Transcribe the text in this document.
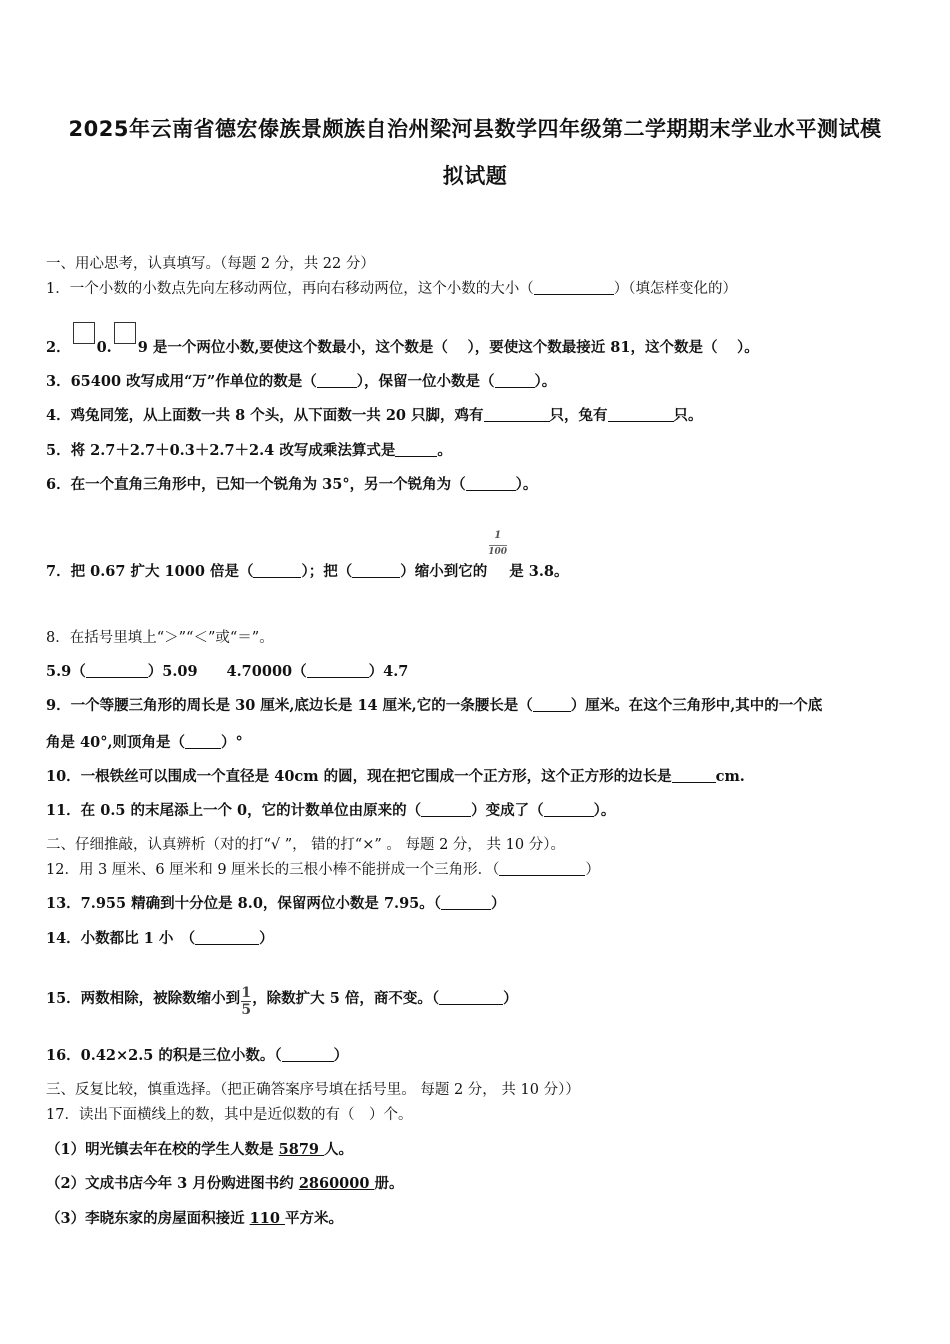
2025年云南省德宏傣族景颇族自治州梁河县数学四年级第二学期期末学业水平测试模
拟试题
一、用心思考，认真填写。（每题 2 分，共 22 分）
1．一个小数的小数点先向左移动两位，再向右移动两位，这个小数的大小（	）（填怎样变化的）
2． 0. 9 是一个两位小数,要使这个数最小，这个数是（　 ），要使这个数最接近 81，这个数是（　 ）。
3．65400 改写成用“万”作单位的数是（	），保留一位小数是（	）。
4．鸡兔同笼，从上面数一共 8 个头，从下面数一共 20 只脚，鸡有	只，兔有	只。
5．将 2.7＋2.7＋0.3＋2.7＋2.4 改写成乘法算式是	。
6．在一个直角三角形中，已知一个锐角为 35°，另一个锐角为（	）。
7．把 0.67 扩大 1000 倍是（	）；把（	）缩小到它的 $\frac{1}{100}$ 是 3.8。
8．在括号里填上“＞”“＜”或“＝”。
5.9（	）5.09　　4.70000（	）4.7
9．一个等腰三角形的周长是 30 厘米,底边长是 14 厘米,它的一条腰长是（	）厘米。在这个三角形中,其中的一个底
角是 40°,则顶角是（ ）°
10．一根铁丝可以围成一个直径是 40cm 的圆，现在把它围成一个正方形，这个正方形的边长是	cm.
11．在 0.5 的末尾添上一个 0，它的计数单位由原来的（	）变成了（	）。
二、仔细推敲，认真辨析（对的打“√ ”， 错的打“×” 。 每题 2 分， 共 10 分）。
12．用 3 厘米、6 厘米和 9 厘米长的三根小棒不能拼成一个三角形．（	）
13．7.955 精确到十分位是 8.0，保留两位小数是 7.95。（	）
14．小数都比 1 小　（	）
15．两数相除，被除数缩小到 $\frac{1}{5}$ ，除数扩大 5 倍，商不变。（	）
16．0.42×2.5 的积是三位小数。（	）
三、反复比较，慎重选择。（把正确答案序号填在括号里。 每题 2 分， 共 10 分））
17．读出下面横线上的数，其中是近似数的有（　）个。
（1）明光镇去年在校的学生人数是 5879 人。
（2）文成书店今年 3 月份购进图书约 2860000 册。
（3）李晓东家的房屋面积接近 110 平方米。
